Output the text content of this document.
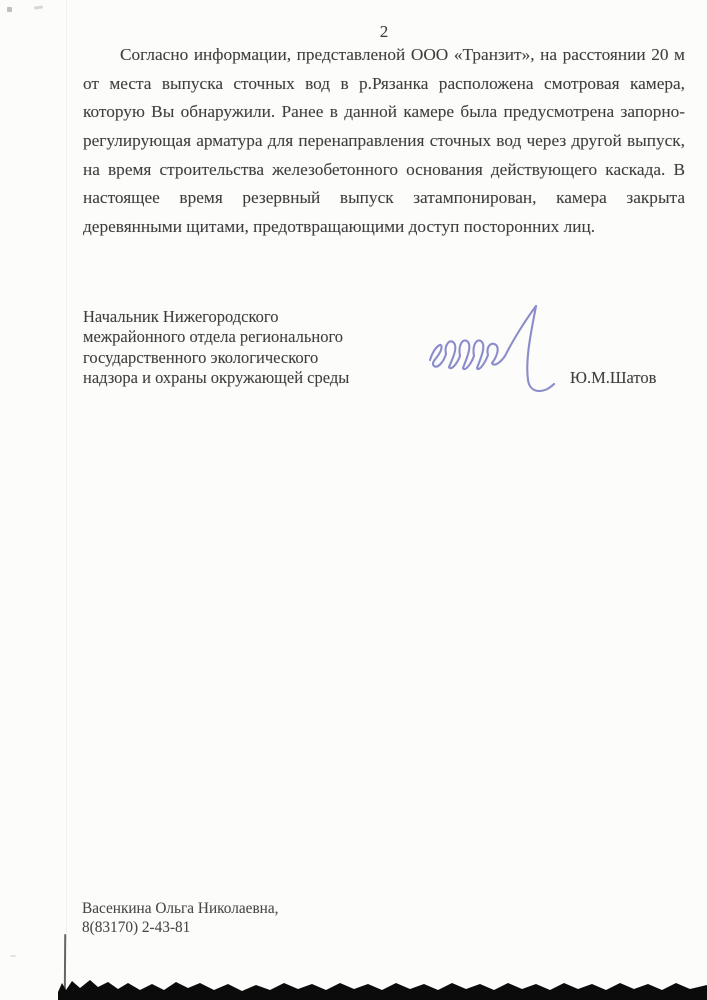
2
Согласно информации, представленой ООО «Транзит», на расстоянии 20 м
от места выпуска сточных вод в р.Рязанка расположена смотровая камера,
которую Вы обнаружили. Ранее в данной камере была предусмотрена запорно-
регулирующая арматура для перенаправления сточных вод через другой выпуск,
на время строительства железобетонного основания действующего каскада. В
настоящее время резервный выпуск затампонирован, камера закрыта
деревянными щитами, предотвращающими доступ посторонних лиц.
Начальник Нижегородского
межрайонного отдела регионального
государственного экологического
надзора и охраны окружающей среды	Ю.М.Шатов
Васенкина Ольга Николаевна,
8(83170) 2-43-81
